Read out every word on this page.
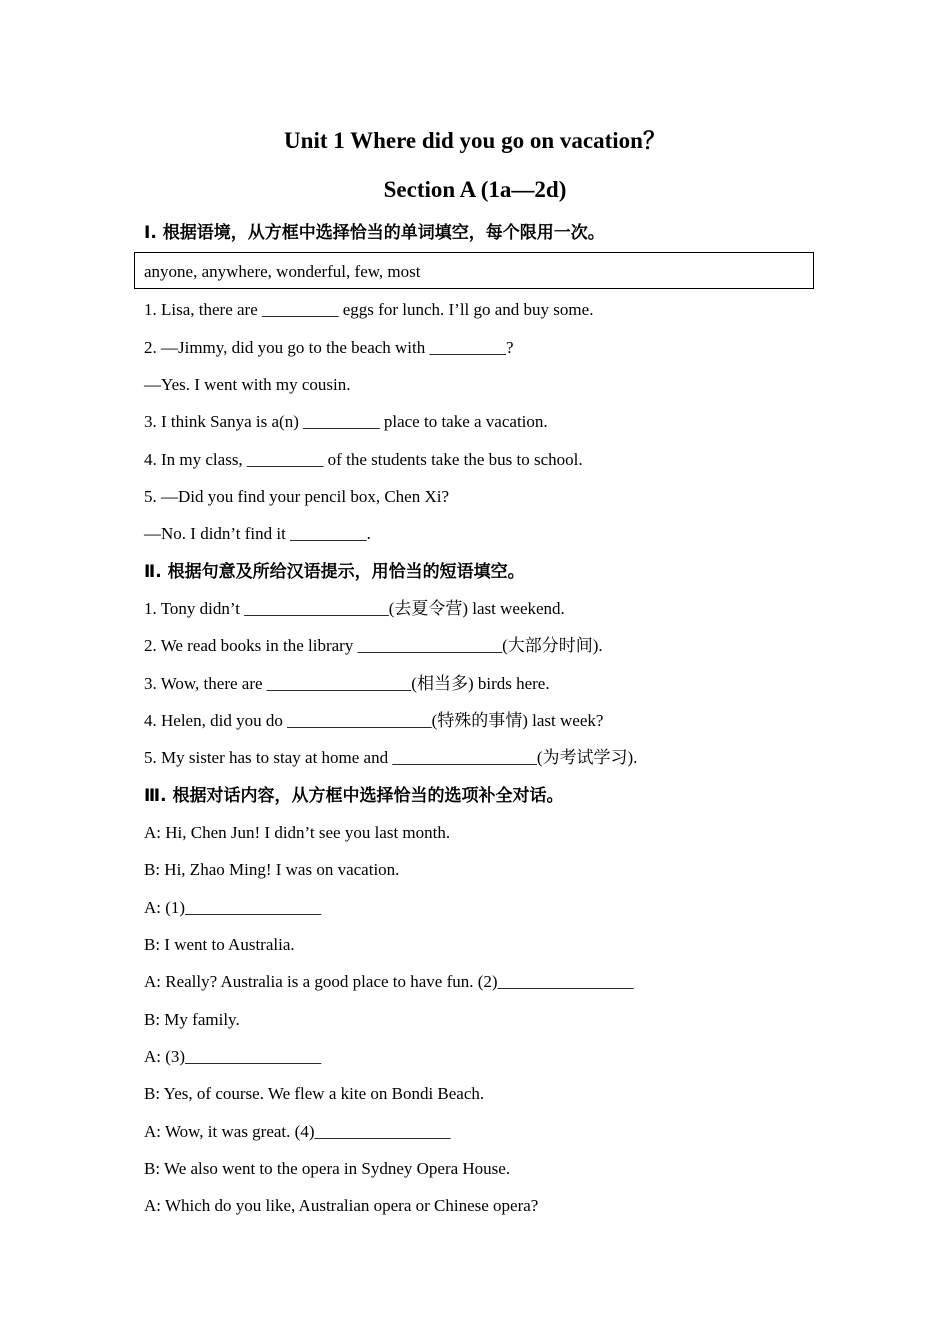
Unit 1 Where did you go on vacation？
Section A (1a—2d)
Ⅰ. 根据语境，从方框中选择恰当的单词填空，每个限用一次。
anyone, anywhere, wonderful, few, most
1. Lisa, there are _________ eggs for lunch. I’ll go and buy some.
2. —Jimmy, did you go to the beach with _________?
—Yes. I went with my cousin.
3. I think Sanya is a(n) _________ place to take a vacation.
4. In my class, _________ of the students take the bus to school.
5. —Did you find your pencil box, Chen Xi?
—No. I didn’t find it _________.
Ⅱ. 根据句意及所给汉语提示，用恰当的短语填空。
1. Tony didn’t _________________(去夏令营) last weekend.
2. We read books in the library _________________(大部分时间).
3. Wow, there are _________________(相当多) birds here.
4. Helen, did you do _________________(特殊的事情) last week?
5. My sister has to stay at home and _________________(为考试学习).
Ⅲ. 根据对话内容，从方框中选择恰当的选项补全对话。
A: Hi, Chen Jun! I didn’t see you last month.
B: Hi, Zhao Ming! I was on vacation.
A: (1)________________
B: I went to Australia.
A: Really? Australia is a good place to have fun. (2)________________
B: My family.
A: (3)________________
B: Yes, of course. We flew a kite on Bondi Beach.
A: Wow, it was great. (4)________________
B: We also went to the opera in Sydney Opera House.
A: Which do you like, Australian opera or Chinese opera?
